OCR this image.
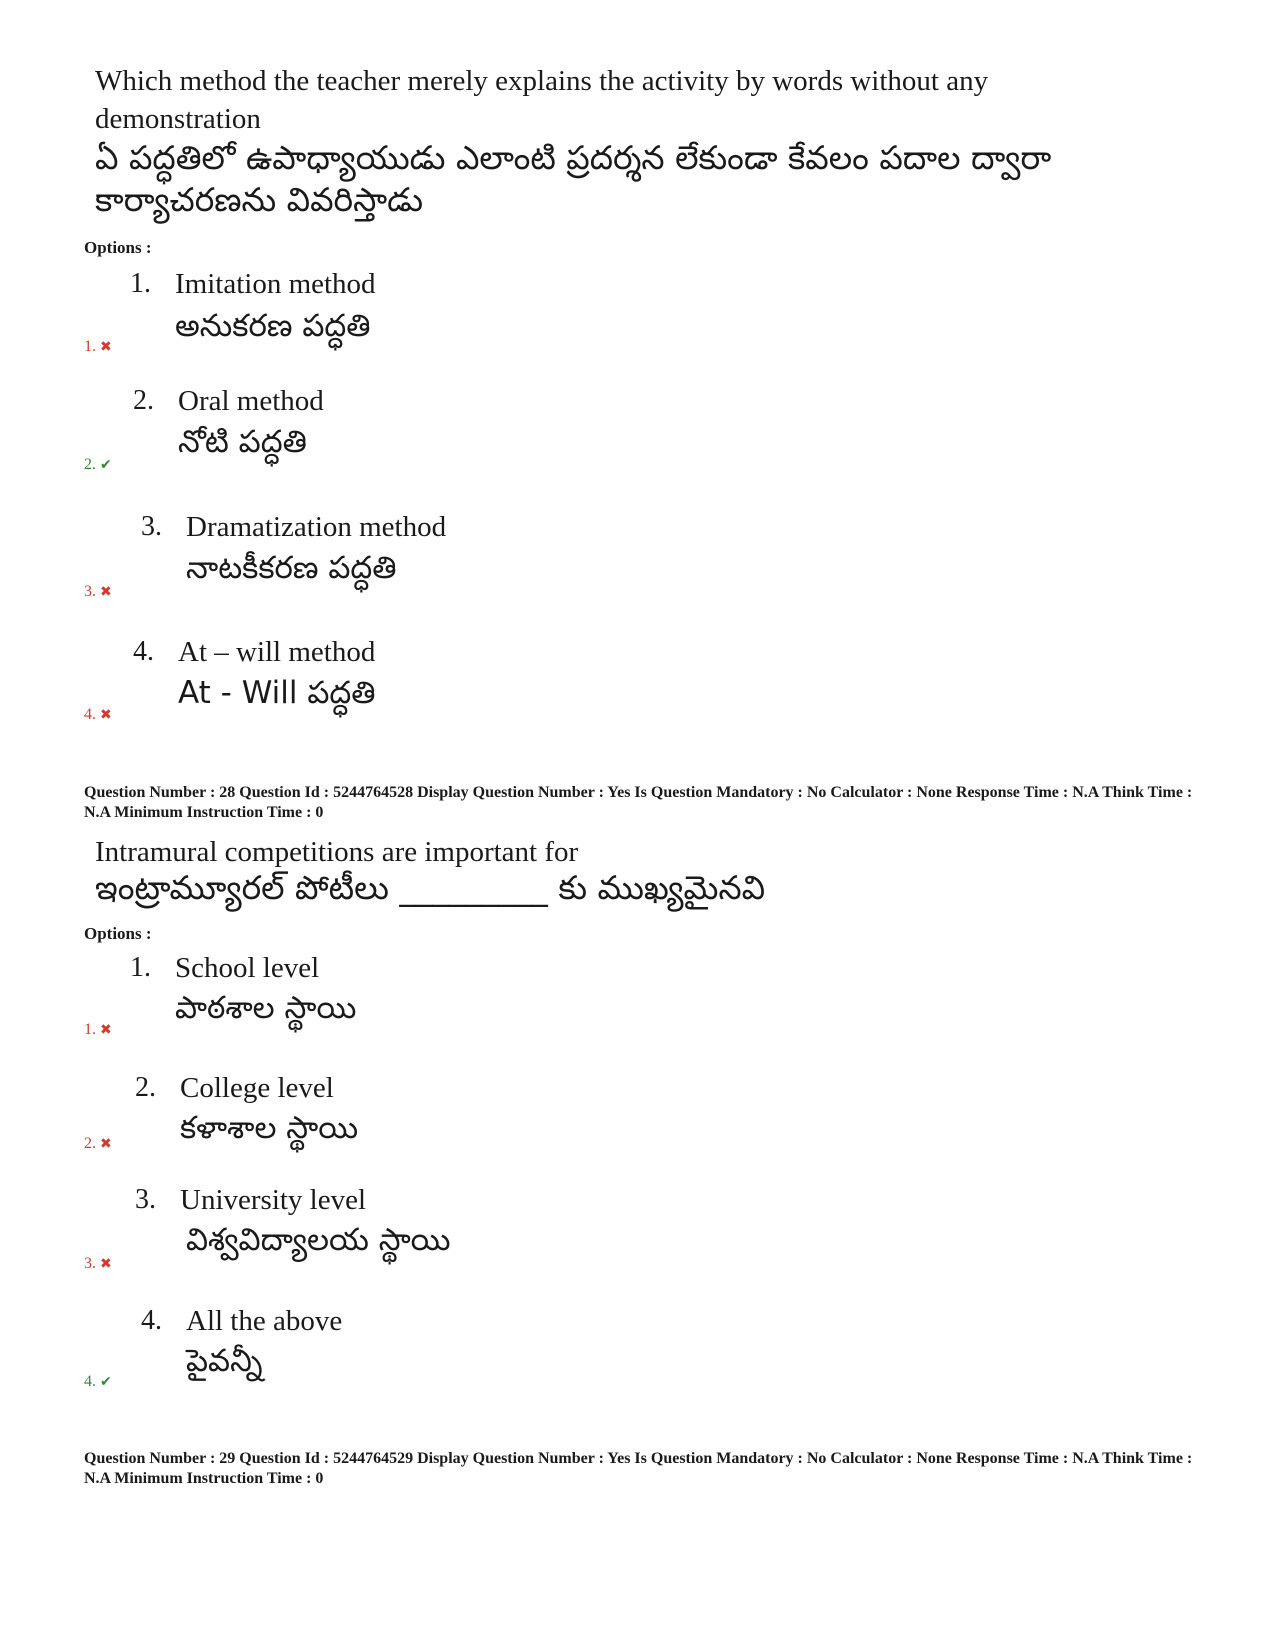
Which method the teacher merely explains the activity by words without any demonstration
ఏ పద్ధతిలో ఉపాధ్యాయుడు ఎలాంటి ప్రదర్శన లేకుండా కేవలం పదాల ద్వారా
కార్యాచరణను వివరిస్తాడు
Options :
1. Imitation method
అనుకరణ పద్ధతి
1. ✖
2. Oral method
నోటి పద్ధతి
2. ✔
3. Dramatization method
నాటకీకరణ పద్ధతి
3. ✖
4. At – will method
At - Will పద్ధతి
4. ✖
Question Number : 28 Question Id : 5244764528 Display Question Number : Yes Is Question Mandatory : No Calculator : None Response Time : N.A Think Time : N.A Minimum Instruction Time : 0
Intramural competitions are important for
ఇంట్రామ్యూరల్ పోటీలు _________ కు ముఖ్యమైనవి
Options :
1. School level
పాఠశాల స్థాయి
1. ✖
2. College level
కళాశాల స్థాయి
2. ✖
3. University level
విశ్వవిద్యాలయ స్థాయి
3. ✖
4. All the above
పైవన్నీ
4. ✔
Question Number : 29 Question Id : 5244764529 Display Question Number : Yes Is Question Mandatory : No Calculator : None Response Time : N.A Think Time : N.A Minimum Instruction Time : 0
